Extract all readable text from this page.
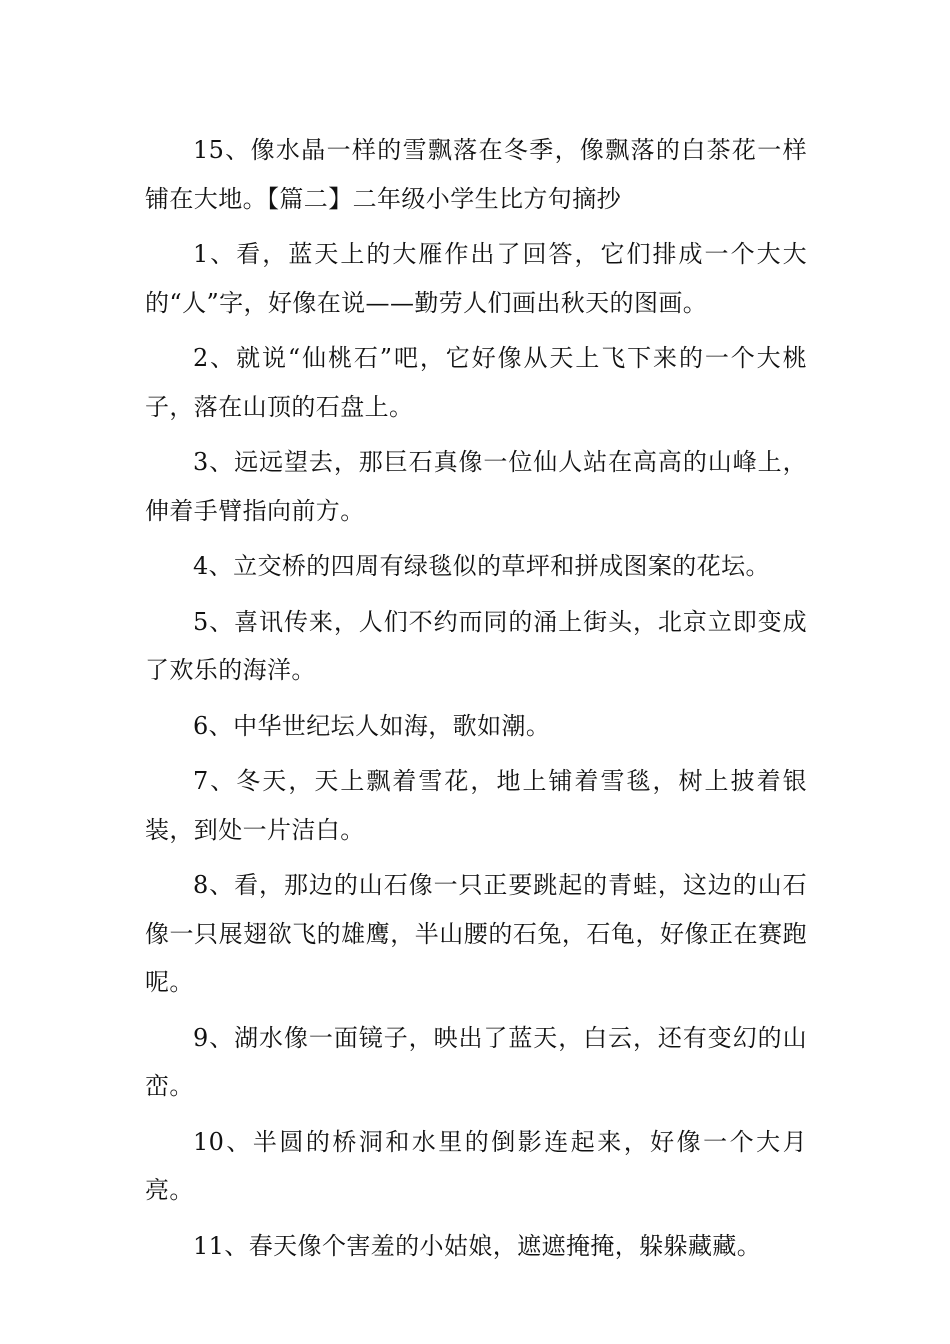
15、像水晶一样的雪飘落在冬季，像飘落的白茶花一样铺在大地。【篇二】二年级小学生比方句摘抄

1、看，蓝天上的大雁作出了回答，它们排成一个大大的“人”字，好像在说——勤劳人们画出秋天的图画。

2、就说“仙桃石”吧，它好像从天上飞下来的一个大桃子，落在山顶的石盘上。

3、远远望去，那巨石真像一位仙人站在高高的山峰上，伸着手臂指向前方。

4、立交桥的四周有绿毯似的草坪和拼成图案的花坛。

5、喜讯传来，人们不约而同的涌上街头，北京立即变成了欢乐的海洋。

6、中华世纪坛人如海，歌如潮。

7、冬天，天上飘着雪花，地上铺着雪毯，树上披着银装，到处一片洁白。

8、看，那边的山石像一只正要跳起的青蛙，这边的山石像一只展翅欲飞的雄鹰，半山腰的石兔，石龟，好像正在赛跑呢。

9、湖水像一面镜子，映出了蓝天，白云，还有变幻的山峦。

10、半圆的桥洞和水里的倒影连起来，好像一个大月亮。

11、春天像个害羞的小姑娘，遮遮掩掩，躲躲藏藏。
